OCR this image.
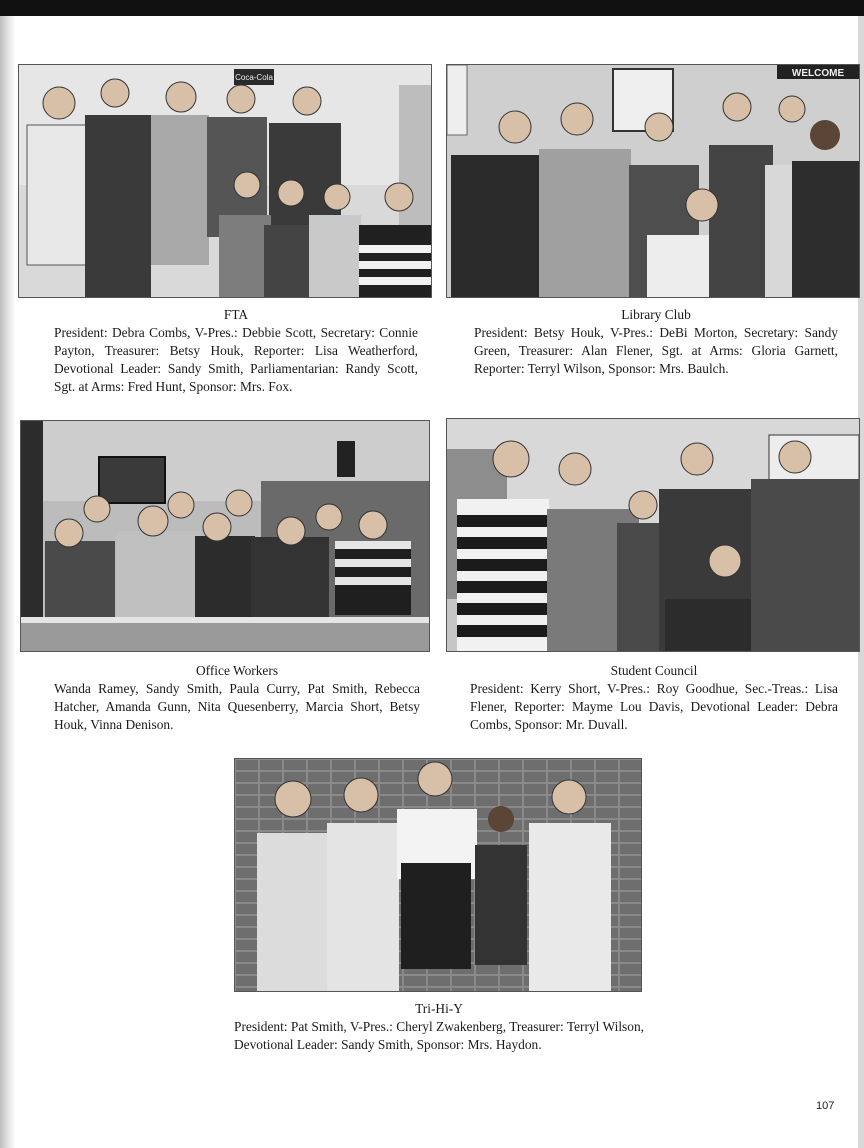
Coca-Cola	WELCOME
FTA
President: Debra Combs, V-Pres.: Debbie Scott, Secretary: Connie Payton, Treasurer: Betsy Houk, Reporter: Lisa Weatherford, Devotional Leader: Sandy Smith, Parliamentarian: Randy Scott, Sgt. at Arms: Fred Hunt, Sponsor: Mrs. Fox.
Library Club
President: Betsy Houk, V-Pres.: DeBi Morton, Secretary: Sandy Green, Treasurer: Alan Flener, Sgt. at Arms: Gloria Garnett, Reporter: Terryl Wilson, Sponsor: Mrs. Baulch.
Office Workers
Wanda Ramey, Sandy Smith, Paula Curry, Pat Smith, Rebecca Hatcher, Amanda Gunn, Nita Quesenberry, Marcia Short, Betsy Houk, Vinna Denison.
Student Council
President: Kerry Short, V-Pres.: Roy Goodhue, Sec.-Treas.: Lisa Flener, Reporter: Mayme Lou Davis, Devotional Leader: Debra Combs, Sponsor: Mr. Duvall.
Tri-Hi-Y
President: Pat Smith, V-Pres.: Cheryl Zwakenberg, Treasurer: Terryl Wilson, Devotional Leader: Sandy Smith, Sponsor: Mrs. Haydon.
107
